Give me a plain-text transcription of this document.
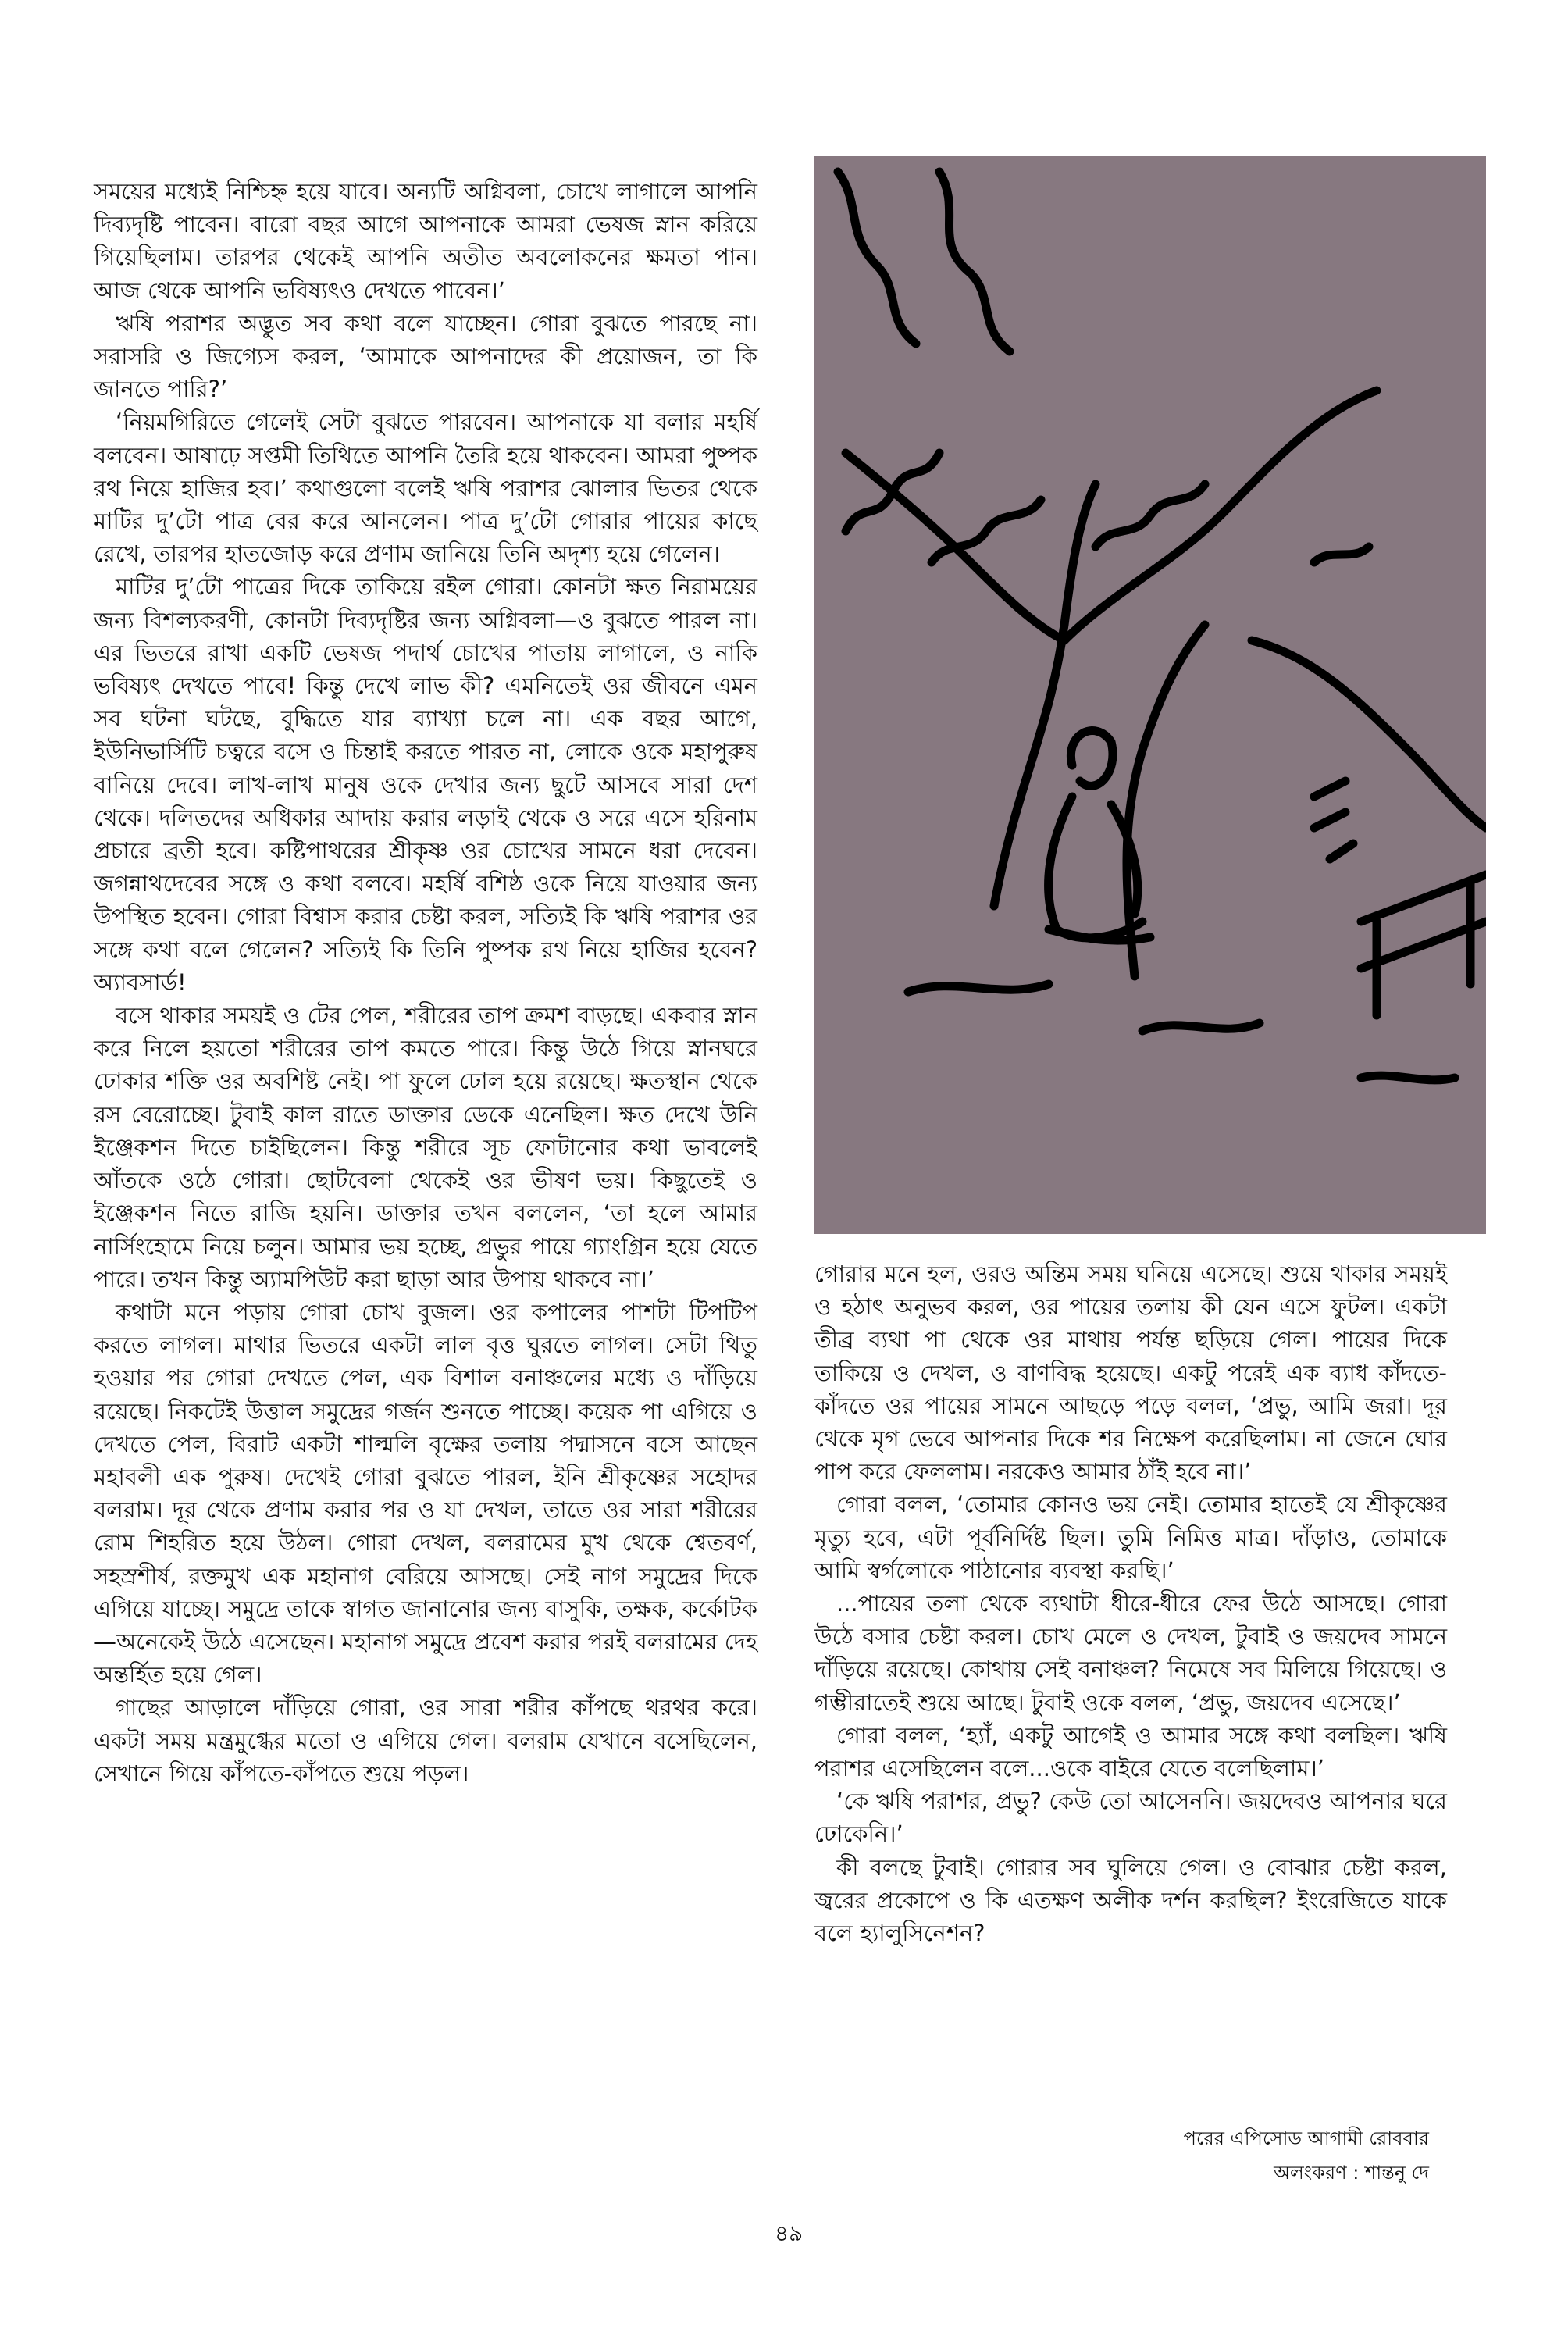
সময়ের মধ্যেই নিশ্চিহ্ন হয়ে যাবে। অন্যটি অগ্নিবলা, চোখে লাগালে আপনি দিব্যদৃষ্টি পাবেন। বারো বছর আগে আপনাকে আমরা ভেষজ স্নান করিয়ে গিয়েছিলাম। তারপর থেকেই আপনি অতীত অবলোকনের ক্ষমতা পান। আজ থেকে আপনি ভবিষ্যৎও দেখতে পাবেন।’

ঋষি পরাশর অদ্ভুত সব কথা বলে যাচ্ছেন। গোরা বুঝতে পারছে না। সরাসরি ও জিগ্যেস করল, ‘আমাকে আপনাদের কী প্রয়োজন, তা কি জানতে পারি?’

‘নিয়মগিরিতে গেলেই সেটা বুঝতে পারবেন। আপনাকে যা বলার মহর্ষি বলবেন। আষাঢ়ে সপ্তমী তিথিতে আপনি তৈরি হয়ে থাকবেন। আমরা পুষ্পক রথ নিয়ে হাজির হব।’ কথাগুলো বলেই ঋষি পরাশর ঝোলার ভিতর থেকে মাটির দু’টো পাত্র বের করে আনলেন। পাত্র দু’টো গোরার পায়ের কাছে রেখে, তারপর হাতজোড় করে প্রণাম জানিয়ে তিনি অদৃশ্য হয়ে গেলেন।

মাটির দু’টো পাত্রের দিকে তাকিয়ে রইল গোরা। কোনটা ক্ষত নিরাময়ের জন্য বিশল্যকরণী, কোনটা দিব্যদৃষ্টির জন্য অগ্নিবলা—ও বুঝতে পারল না। এর ভিতরে রাখা একটি ভেষজ পদার্থ চোখের পাতায় লাগালে, ও নাকি ভবিষ্যৎ দেখতে পাবে! কিন্তু দেখে লাভ কী? এমনিতেই ওর জীবনে এমন সব ঘটনা ঘটছে, বুদ্ধিতে যার ব্যাখ্যা চলে না। এক বছর আগে, ইউনিভার্সিটি চত্বরে বসে ও চিন্তাই করতে পারত না, লোকে ওকে মহাপুরুষ বানিয়ে দেবে। লাখ-লাখ মানুষ ওকে দেখার জন্য ছুটে আসবে সারা দেশ থেকে। দলিতদের অধিকার আদায় করার লড়াই থেকে ও সরে এসে হরিনাম প্রচারে ব্রতী হবে। কষ্টিপাথরের শ্রীকৃষ্ণ ওর চোখের সামনে ধরা দেবেন। জগন্নাথদেবের সঙ্গে ও কথা বলবে। মহর্ষি বশিষ্ঠ ওকে নিয়ে যাওয়ার জন্য উপস্থিত হবেন। গোরা বিশ্বাস করার চেষ্টা করল, সত্যিই কি ঋষি পরাশর ওর সঙ্গে কথা বলে গেলেন? সত্যিই কি তিনি পুষ্পক রথ নিয়ে হাজির হবেন? অ্যাবসার্ড!

বসে থাকার সময়ই ও টের পেল, শরীরের তাপ ক্রমশ বাড়ছে। একবার স্নান করে নিলে হয়তো শরীরের তাপ কমতে পারে। কিন্তু উঠে গিয়ে স্নানঘরে ঢোকার শক্তি ওর অবশিষ্ট নেই। পা ফুলে ঢোল হয়ে রয়েছে। ক্ষতস্থান থেকে রস বেরোচ্ছে। টুবাই কাল রাতে ডাক্তার ডেকে এনেছিল। ক্ষত দেখে উনি ইঞ্জেকশন দিতে চাইছিলেন। কিন্তু শরীরে সূচ ফোটানোর কথা ভাবলেই আঁতকে ওঠে গোরা। ছোটবেলা থেকেই ওর ভীষণ ভয়। কিছুতেই ও ইঞ্জেকশন নিতে রাজি হয়নি। ডাক্তার তখন বললেন, ‘তা হলে আমার নার্সিংহোমে নিয়ে চলুন। আমার ভয় হচ্ছে, প্রভুর পায়ে গ্যাংগ্রিন হয়ে যেতে পারে। তখন কিন্তু অ্যামপিউট করা ছাড়া আর উপায় থাকবে না।’

কথাটা মনে পড়ায় গোরা চোখ বুজল। ওর কপালের পাশটা টিপটিপ করতে লাগল। মাথার ভিতরে একটা লাল বৃত্ত ঘুরতে লাগল। সেটা থিতু হওয়ার পর গোরা দেখতে পেল, এক বিশাল বনাঞ্চলের মধ্যে ও দাঁড়িয়ে রয়েছে। নিকটেই উত্তাল সমুদ্রের গর্জন শুনতে পাচ্ছে। কয়েক পা এগিয়ে ও দেখতে পেল, বিরাট একটা শাল্মলি বৃক্ষের তলায় পদ্মাসনে বসে আছেন মহাবলী এক পুরুষ। দেখেই গোরা বুঝতে পারল, ইনি শ্রীকৃষ্ণের সহোদর বলরাম। দূর থেকে প্রণাম করার পর ও যা দেখল, তাতে ওর সারা শরীরের রোম শিহরিত হয়ে উঠল। গোরা দেখল, বলরামের মুখ থেকে শ্বেতবর্ণ, সহস্রশীর্ষ, রক্তমুখ এক মহানাগ বেরিয়ে আসছে। সেই নাগ সমুদ্রের দিকে এগিয়ে যাচ্ছে। সমুদ্রে তাকে স্বাগত জানানোর জন্য বাসুকি, তক্ষক, কর্কোটক—অনেকেই উঠে এসেছেন। মহানাগ সমুদ্রে প্রবেশ করার পরই বলরামের দেহ অন্তর্হিত হয়ে গেল।

গাছের আড়ালে দাঁড়িয়ে গোরা, ওর সারা শরীর কাঁপছে থরথর করে। একটা সময় মন্ত্রমুগ্ধের মতো ও এগিয়ে গেল। বলরাম যেখানে বসেছিলেন, সেখানে গিয়ে কাঁপতে-কাঁপতে শুয়ে পড়ল।

গোরার মনে হল, ওরও অন্তিম সময় ঘনিয়ে এসেছে। শুয়ে থাকার সময়ই ও হঠাৎ অনুভব করল, ওর পায়ের তলায় কী যেন এসে ফুটল। একটা তীব্র ব্যথা পা থেকে ওর মাথায় পর্যন্ত ছড়িয়ে গেল। পায়ের দিকে তাকিয়ে ও দেখল, ও বাণবিদ্ধ হয়েছে। একটু পরেই এক ব্যাধ কাঁদতে-কাঁদতে ওর পায়ের সামনে আছড়ে পড়ে বলল, ‘প্রভু, আমি জরা। দূর থেকে মৃগ ভেবে আপনার দিকে শর নিক্ষেপ করেছিলাম। না জেনে ঘোর পাপ করে ফেললাম। নরকেও আমার ঠাঁই হবে না।’

গোরা বলল, ‘তোমার কোনও ভয় নেই। তোমার হাতেই যে শ্রীকৃষ্ণের মৃত্যু হবে, এটা পূর্বনির্দিষ্ট ছিল। তুমি নিমিত্ত মাত্র। দাঁড়াও, তোমাকে আমি স্বর্গলোকে পাঠানোর ব্যবস্থা করছি।’

...পায়ের তলা থেকে ব্যথাটা ধীরে-ধীরে ফের উঠে আসছে। গোরা উঠে বসার চেষ্টা করল। চোখ মেলে ও দেখল, টুবাই ও জয়দেব সামনে দাঁড়িয়ে রয়েছে। কোথায় সেই বনাঞ্চল? নিমেষে সব মিলিয়ে গিয়েছে। ও গম্ভীরাতেই শুয়ে আছে। টুবাই ওকে বলল, ‘প্রভু, জয়দেব এসেছে।’

গোরা বলল, ‘হ্যাঁ, একটু আগেই ও আমার সঙ্গে কথা বলছিল। ঋষি পরাশর এসেছিলেন বলে...ওকে বাইরে যেতে বলেছিলাম।’

‘কে ঋষি পরাশর, প্রভু? কেউ তো আসেননি। জয়দেবও আপনার ঘরে ঢোকেনি।’

কী বলছে টুবাই। গোরার সব ঘুলিয়ে গেল। ও বোঝার চেষ্টা করল, জ্বরের প্রকোপে ও কি এতক্ষণ অলীক দর্শন করছিল? ইংরেজিতে যাকে বলে হ্যালুসিনেশন?

পরের এপিসোড আগামী রোববার
অলংকরণ : শান্তনু দে
৪৯
